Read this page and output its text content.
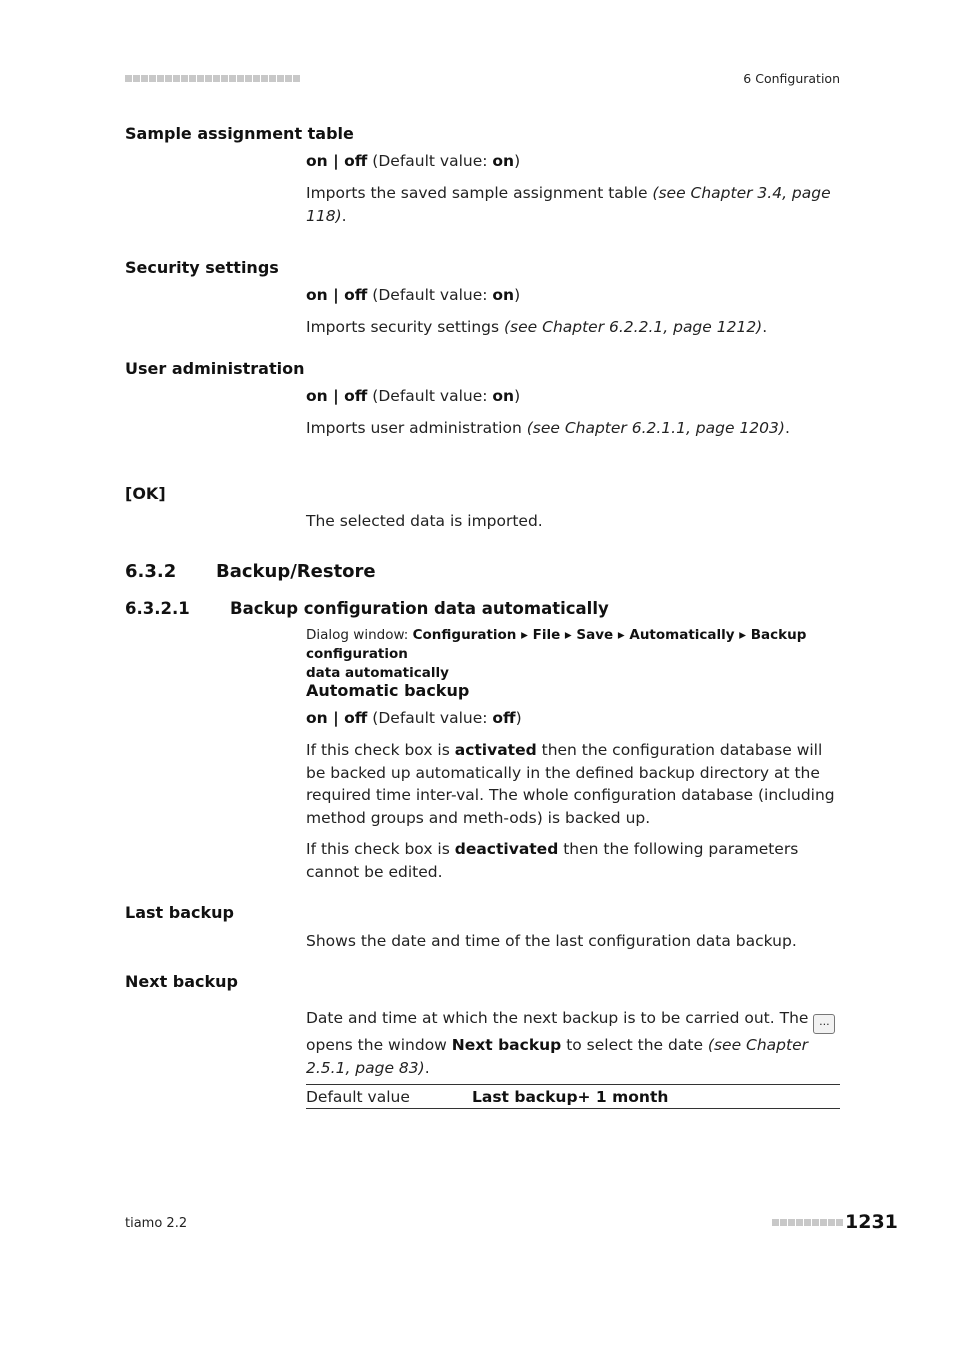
6 Configuration
Sample assignment table
on | off (Default value: on)
Imports the saved sample assignment table (see Chapter 3.4, page 118).
Security settings
on | off (Default value: on)
Imports security settings (see Chapter 6.2.2.1, page 1212).
User administration
on | off (Default value: on)
Imports user administration (see Chapter 6.2.1.1, page 1203).
[OK]
The selected data is imported.
6.3.2 Backup/Restore
6.3.2.1 Backup configuration data automatically
Dialog window: Configuration ▸ File ▸ Save ▸ Automatically ▸ Backup configuration
data automatically
Automatic backup
on | off (Default value: off)
If this check box is activated then the configuration database will be backed up automatically in the defined backup directory at the required time inter-val. The whole configuration database (including method groups and meth-ods) is backed up.
If this check box is deactivated then the following parameters cannot be edited.
Last backup
Shows the date and time of the last configuration data backup.
Next backup
Date and time at which the next backup is to be carried out. The ... opens the window Next backup to select the date (see Chapter 2.5.1, page 83).
Default value	Last backup+ 1 month
tiamo 2.2	1231
